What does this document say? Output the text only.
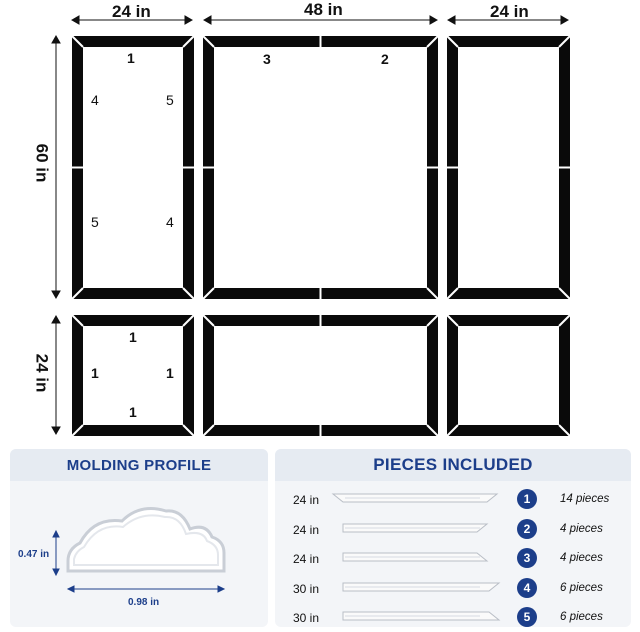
24 in	48 in	24 in
60 in
24 in
1
4	5
5	4
3	2
1
1	1
1
MOLDING PROFILE
0.47 in
0.98 in
PIECES INCLUDED
24 in	1	14 pieces
24 in	2	4 pieces
24 in	3	4 pieces
30 in	4	6 pieces
30 in	5	6 pieces
